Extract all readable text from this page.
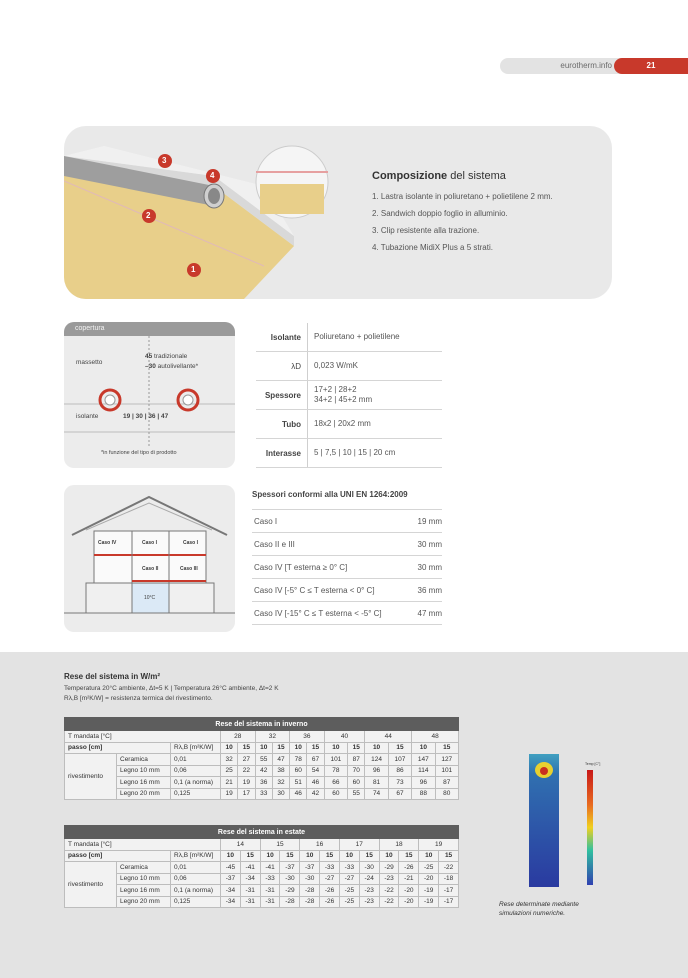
eurotherm.info	21
3
4
2
1
Composizione del sistema
1. Lastra isolante in poliuretano + polietilene 2 mm.
2. Sandwich doppio foglio in alluminio.
3. Clip resistente alla trazione.
4. Tubazione MidiX Plus a 5 strati.
copertura
massetto
45 tradizionale
–30 autolivellante*
isolante	19 | 30 | 36 | 47
*in funzione del tipo di prodotto
Isolante	Poliuretano + polietilene
λD	0,023 W/mK
Spessore
17+2 | 28+2
34+2 | 45+2 mm
Tubo	18x2 | 20x2 mm
Interasse	5 | 7,5 | 10 | 15 | 20 cm
Caso IV	Caso I	Caso I
Caso II	Caso III
10°C
Spessori conformi alla UNI EN 1264:2009
Caso I	19 mm
Caso II e III	30 mm
Caso IV [T esterna ≥ 0° C]	30 mm
Caso IV [-5° C ≤ T esterna < 0° C]	36 mm
Caso IV [-15° C ≤ T esterna < -5° C]	47 mm
Rese del sistema in W/m²
Temperatura 20°C ambiente, Δt=5 K | Temperatura 26°C ambiente, Δt=2 K
Rλ,B [m²K/W] = resistenza termica del rivestimento.
Rese del sistema in inverno														
T mandata [°C]			28		32		36		40		44		48	
passo [cm]		Rλ,B [m²K/W]	10	15	10	15	10	15	10	15	10	15	10	15
rivestimento	Ceramica	0,01	32	27	55	47	78	67	101	87	124	107	147	127
	Legno 10 mm	0,06	25	22	42	38	60	54	78	70	96	86	114	101
	Legno 16 mm	0,1 (a norma)	21	19	36	32	51	46	66	60	81	73	96	87
	Legno 20 mm	0,125	19	17	33	30	46	42	60	55	74	67	88	80
Rese del sistema in estate														
T mandata [°C]			14		15		16		17		18		19	
passo [cm]		Rλ,B [m²K/W]	10	15	10	15	10	15	10	15	10	15	10	15
rivestimento	Ceramica	0,01	-45	-41	-41	-37	-37	-33	-33	-30	-29	-26	-25	-22
	Legno 10 mm	0,06	-37	-34	-33	-30	-30	-27	-27	-24	-23	-21	-20	-18
	Legno 16 mm	0,1 (a norma)	-34	-31	-31	-29	-28	-26	-25	-23	-22	-20	-19	-17
	Legno 20 mm	0,125	-34	-31	-31	-28	-28	-26	-25	-23	-22	-20	-19	-17
Temp [C°]
Rese determinate mediante simulazioni numeriche.
